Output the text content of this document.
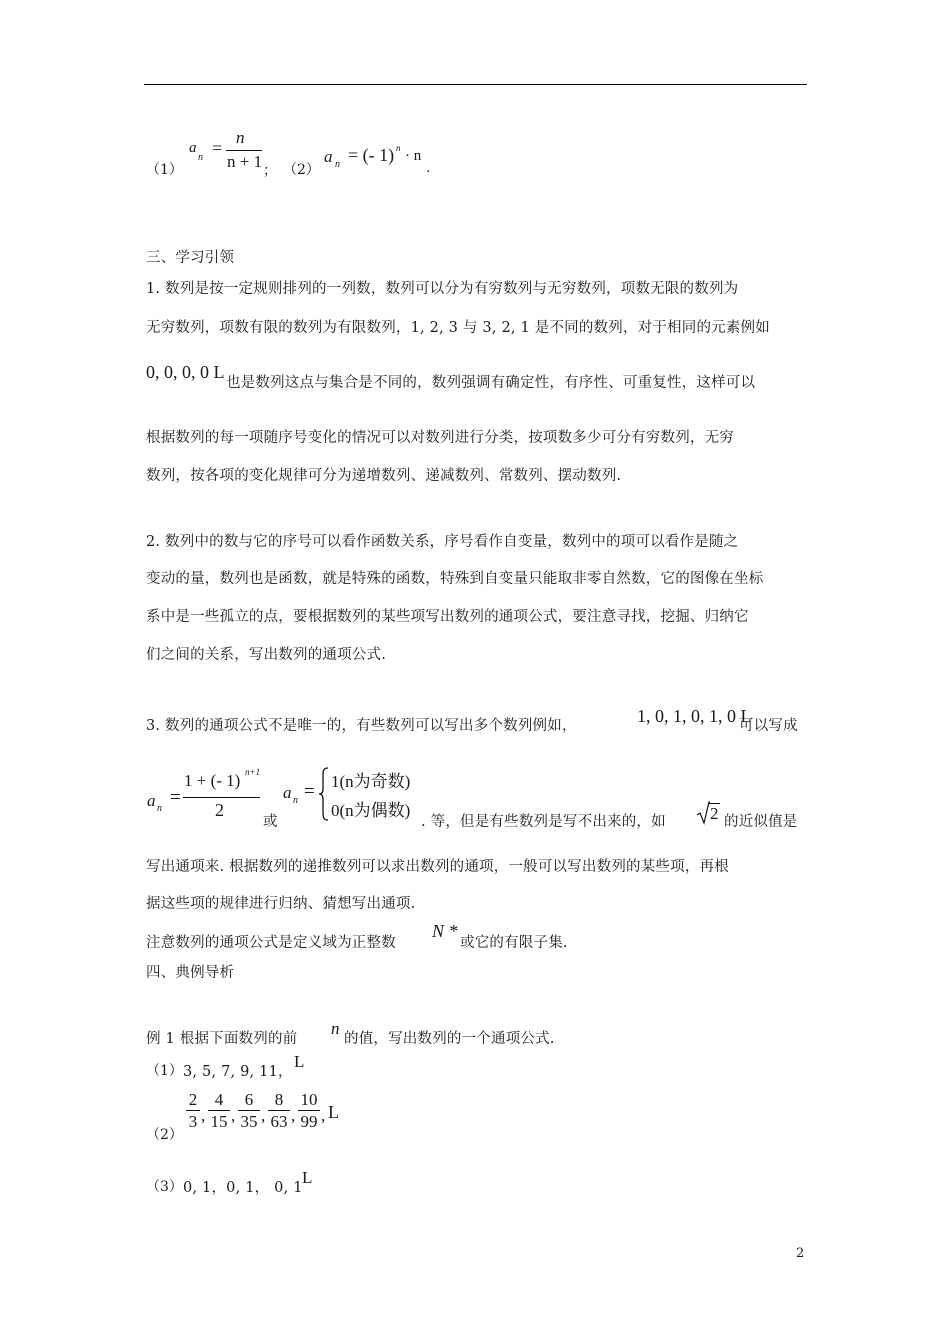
（1）
a
n =
n
n + 1 ； （2）
a n = (- 1) n · n
.
三、学习引领
1. 数列是按一定规则排列的一列数，数列可以分为有穷数列与无穷数列，项数无限的数列为
无穷数列，项数有限的数列为有限数列，1, 2, 3 与 3, 2, 1 是不同的数列，对于相同的元素例如
0, 0, 0, 0 L
也是数列这点与集合是不同的，数列强调有确定性，有序性、可重复性，这样可以
根据数列的每一项随序号变化的情况可以对数列进行分类，按项数多少可分有穷数列，无穷
数列，按各项的变化规律可分为递增数列、递减数列、常数列、摆动数列.
2. 数列中的数与它的序号可以看作函数关系，序号看作自变量，数列中的项可以看作是随之
变动的量，数列也是函数，就是特殊的函数，特殊到自变量只能取非零自然数，它的图像在坐标
系中是一些孤立的点，要根据数列的某些项写出数列的通项公式，要注意寻找，挖掘、归纳它
们之间的关系，写出数列的通项公式.
3. 数列的通项公式不是唯一的，有些数列可以写出多个数列例如，	1, 0, 1, 0, 1, 0 L
可以写成
a n
=
1 + (- 1) n+1
2
或
a n = 1(n为奇数)
0(n为偶数)
. 等，但是有些数列是写不出来的，如	2 的近似值是
写出通项来. 根据数列的递推数列可以求出数列的通项，一般可以写出数列的某些项，再根
据这些项的规律进行归纳、猜想写出通项.
注意数列的通项公式是定义域为正整数
N *
或它的有限子集.
四、典例导析
例 1 根据下面数列的前
n
的值，写出数列的一个通项公式.
（1） 3, 5, 7, 9, 11，
L
（2）
$\frac{2}{3}$ , $\frac{4}{15}$ , $\frac{6}{35}$ , $\frac{8}{63}$ , $\frac{10}{99}$ , L
（3） 0, 1，0, 1， 0, 1
L
2
